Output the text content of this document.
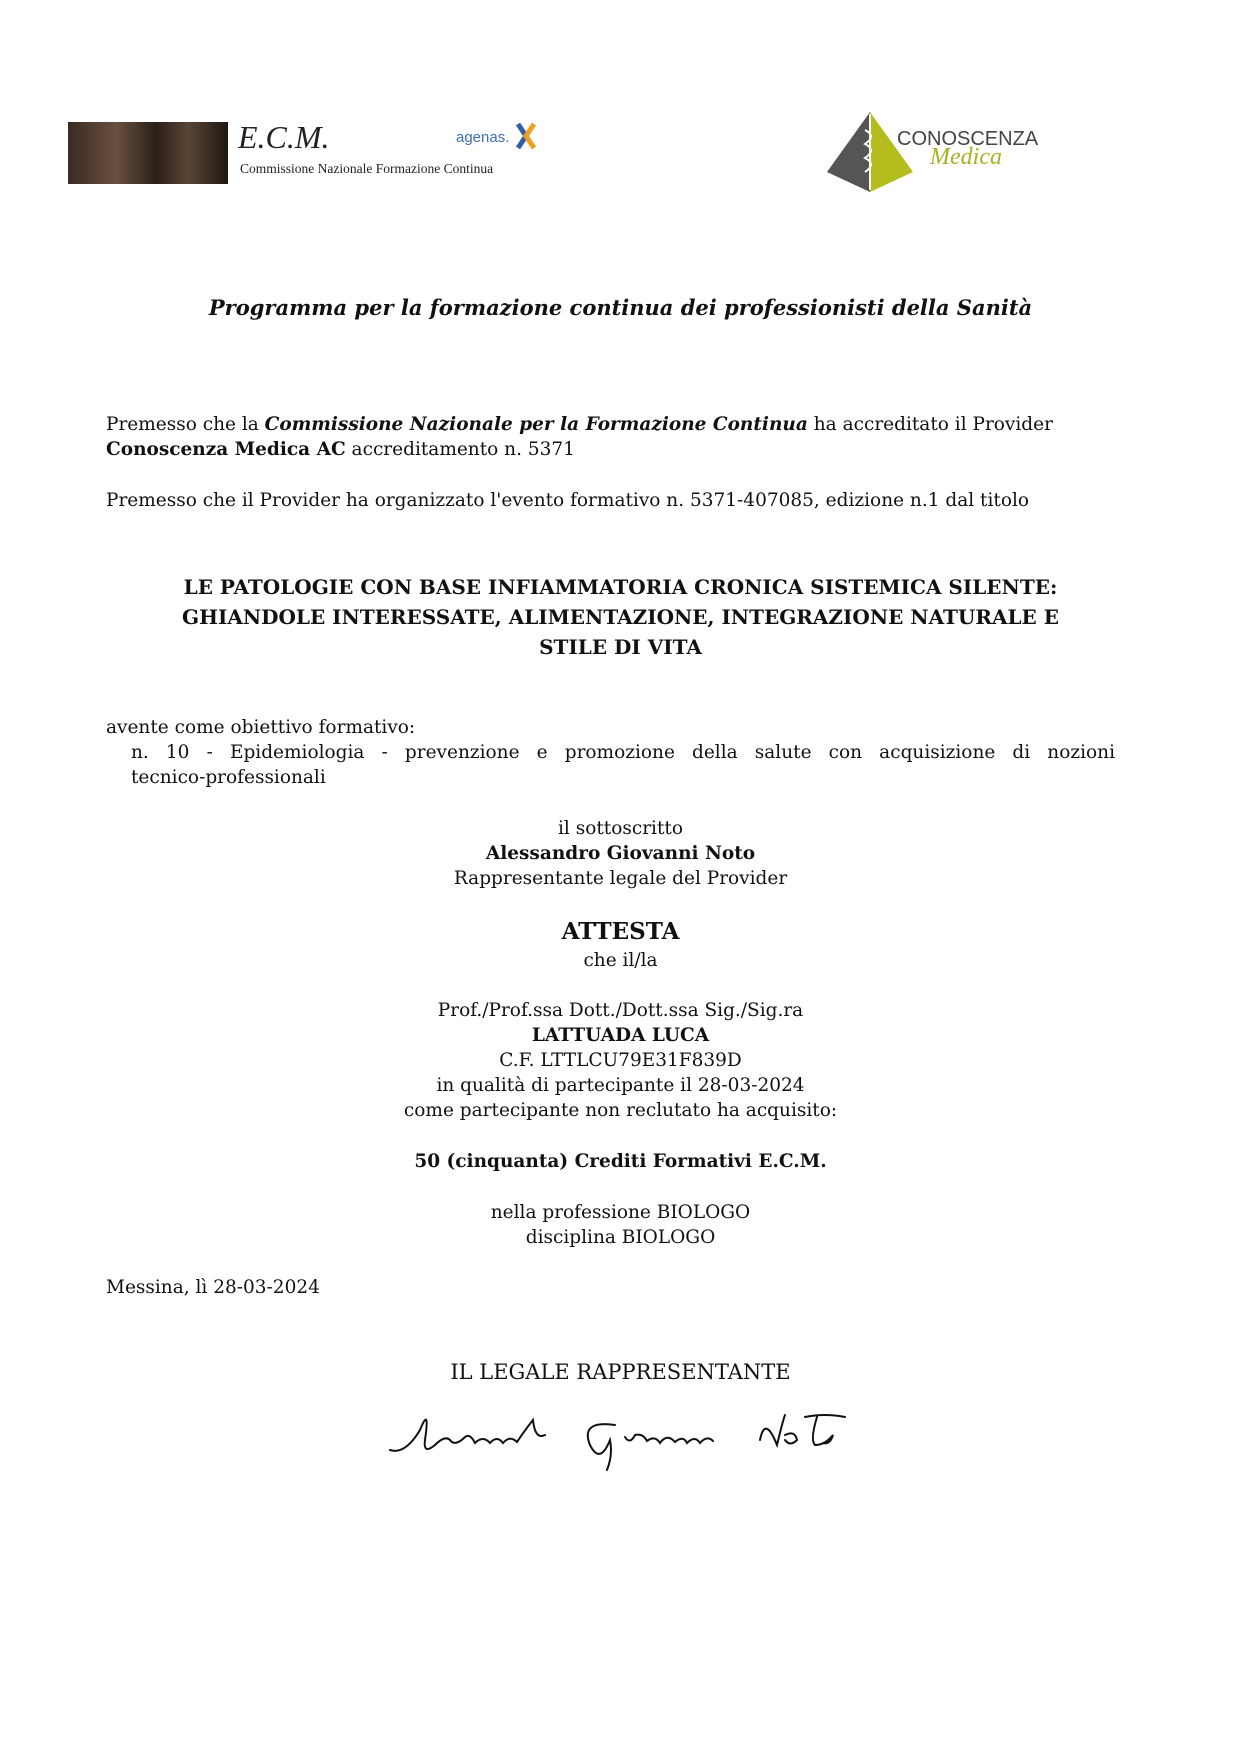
E.C.M.
Commissione Nazionale Formazione Continua
agenas.	CONOSCENZA
Medica
Programma per la formazione continua dei professionisti della Sanità
Premesso che la Commissione Nazionale per la Formazione Continua ha accreditato il Provider
Conoscenza Medica AC accreditamento n. 5371
Premesso che il Provider ha organizzato l'evento formativo n. 5371-407085, edizione n.1 dal titolo
LE PATOLOGIE CON BASE INFIAMMATORIA CRONICA SISTEMICA SILENTE:
GHIANDOLE INTERESSATE, ALIMENTAZIONE, INTEGRAZIONE NATURALE E
STILE DI VITA
avente come obiettivo formativo:
n. 10 - Epidemiologia - prevenzione e promozione della salute con acquisizione di nozioni
tecnico-professionali
il sottoscritto
Alessandro Giovanni Noto
Rappresentante legale del Provider
ATTESTA
che il/la
Prof./Prof.ssa Dott./Dott.ssa Sig./Sig.ra
LATTUADA LUCA
C.F. LTTLCU79E31F839D
in qualità di partecipante il 28-03-2024
come partecipante non reclutato ha acquisito:
50 (cinquanta) Crediti Formativi E.C.M.
nella professione BIOLOGO
disciplina BIOLOGO
Messina, lì 28-03-2024
IL LEGALE RAPPRESENTANTE
